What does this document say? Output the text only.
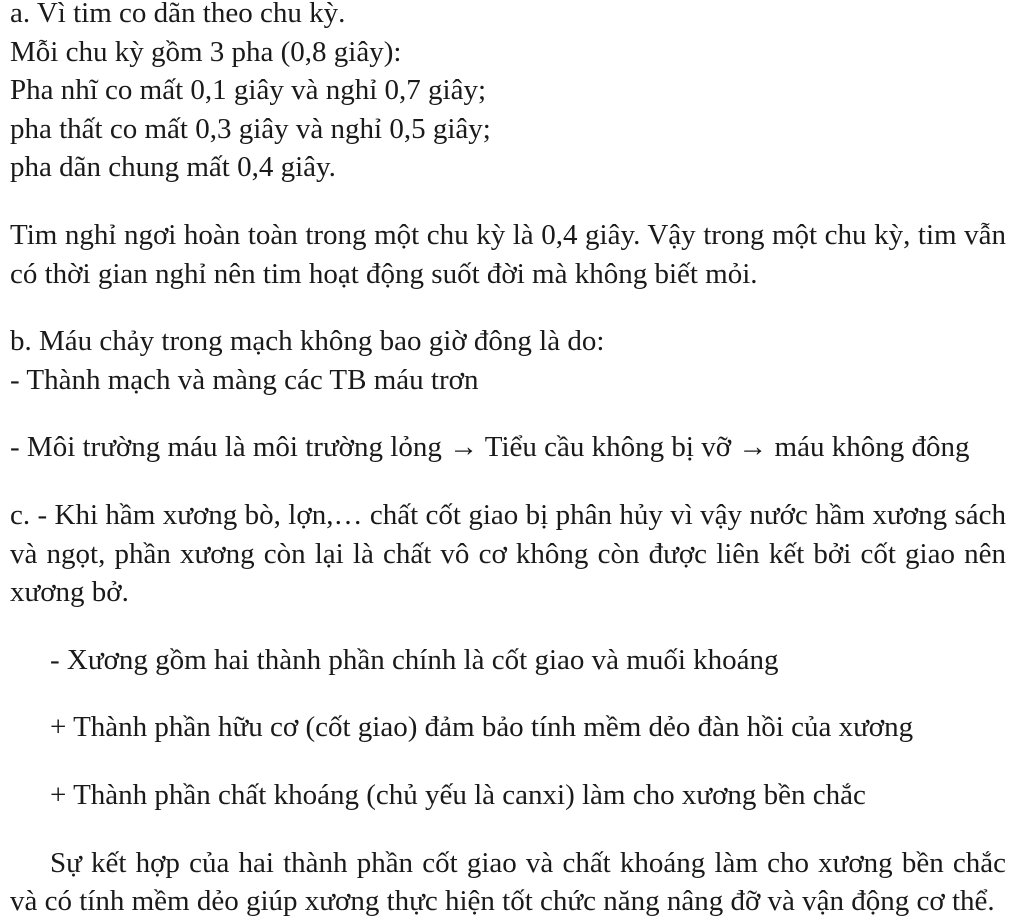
a. Vì tim co dãn theo chu kỳ.

Mỗi chu kỳ gồm 3 pha (0,8 giây):

Pha nhĩ co mất 0,1 giây và nghỉ 0,7 giây;

pha thất co mất 0,3 giây và nghỉ 0,5 giây;

pha dãn chung mất 0,4 giây.

Tim nghỉ ngơi hoàn toàn trong một chu kỳ là 0,4 giây. Vậy trong một chu kỳ, tim vẫn có thời gian nghỉ nên tim hoạt động suốt đời mà không biết mỏi.

b. Máu chảy trong mạch không bao giờ đông là do:

- Thành mạch và màng các TB máu trơn

- Môi trường máu là môi trường lỏng → Tiểu cầu không bị vỡ → máu không đông

c. - Khi hầm xương bò, lợn,… chất cốt giao bị phân hủy vì vậy nước hầm xương sách và ngọt, phần xương còn lại là chất vô cơ không còn được liên kết bởi cốt giao nên xương bở.

- Xương gồm hai thành phần chính là cốt giao và muối khoáng

+ Thành phần hữu cơ (cốt giao) đảm bảo tính mềm dẻo đàn hồi của xương

+ Thành phần chất khoáng (chủ yếu là canxi) làm cho xương bền chắc

Sự kết hợp của hai thành phần cốt giao và chất khoáng làm cho xương bền chắc và có tính mềm dẻo giúp xương thực hiện tốt chức năng nâng đỡ và vận động cơ thể.
